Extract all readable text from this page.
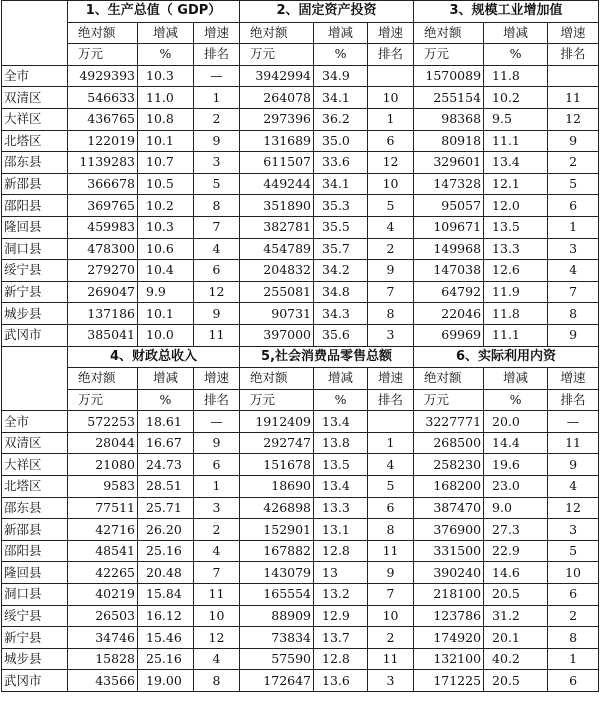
	1、生产总值（ GDP）			2、固定资产投资			3、规模工业增加值		
	绝对额	增减	增速	绝对额	增减	增速	绝对额	增减	增速
	万元	%	排名	万元	%	排名	万元	%	排名
全市	4929393	10.3	—	3942994	34.9		1570089	11.8	
双清区	546633	11.0	1	264078	34.1	10	255154	10.2	11
大祥区	436765	10.8	2	297396	36.2	1	98368	9.5	12
北塔区	122019	10.1	9	131689	35.0	6	80918	11.1	9
邵东县	1139283	10.7	3	611507	33.6	12	329601	13.4	2
新邵县	366678	10.5	5	449244	34.1	10	147328	12.1	5
邵阳县	369765	10.2	8	351890	35.3	5	95057	12.0	6
隆回县	459983	10.3	7	382781	35.5	4	109671	13.5	1
洞口县	478300	10.6	4	454789	35.7	2	149968	13.3	3
绥宁县	279270	10.4	6	204832	34.2	9	147038	12.6	4
新宁县	269047	9.9	12	255081	34.8	7	64792	11.9	7
城步县	137186	10.1	9	90731	34.3	8	22046	11.8	8
武冈市	385041	10.0	11	397000	35.6	3	69969	11.1	9
	4、财政总收入			5,社会消费品零售总额			6、实际利用内资		
	绝对额	增减	增速	绝对额	增减	增速	绝对额	增减	增速
	万元	%	排名	万元	%	排名	万元	%	排名
全市	572253	18.61	—	1912409	13.4		3227771	20.0	—
双清区	28044	16.67	9	292747	13.8	1	268500	14.4	11
大祥区	21080	24.73	6	151678	13.5	4	258230	19.6	9
北塔区	9583	28.51	1	18690	13.4	5	168200	23.0	4
邵东县	77511	25.71	3	426898	13.3	6	387470	9.0	12
新邵县	42716	26.20	2	152901	13.1	8	376900	27.3	3
邵阳县	48541	25.16	4	167882	12.8	11	331500	22.9	5
隆回县	42265	20.48	7	143079	13	9	390240	14.6	10
洞口县	40219	15.84	11	165554	13.2	7	218100	20.5	6
绥宁县	26503	16.12	10	88909	12.9	10	123786	31.2	2
新宁县	34746	15.46	12	73834	13.7	2	174920	20.1	8
城步县	15828	25.16	4	57590	12.8	11	132100	40.2	1
武冈市	43566	19.00	8	172647	13.6	3	171225	20.5	6
